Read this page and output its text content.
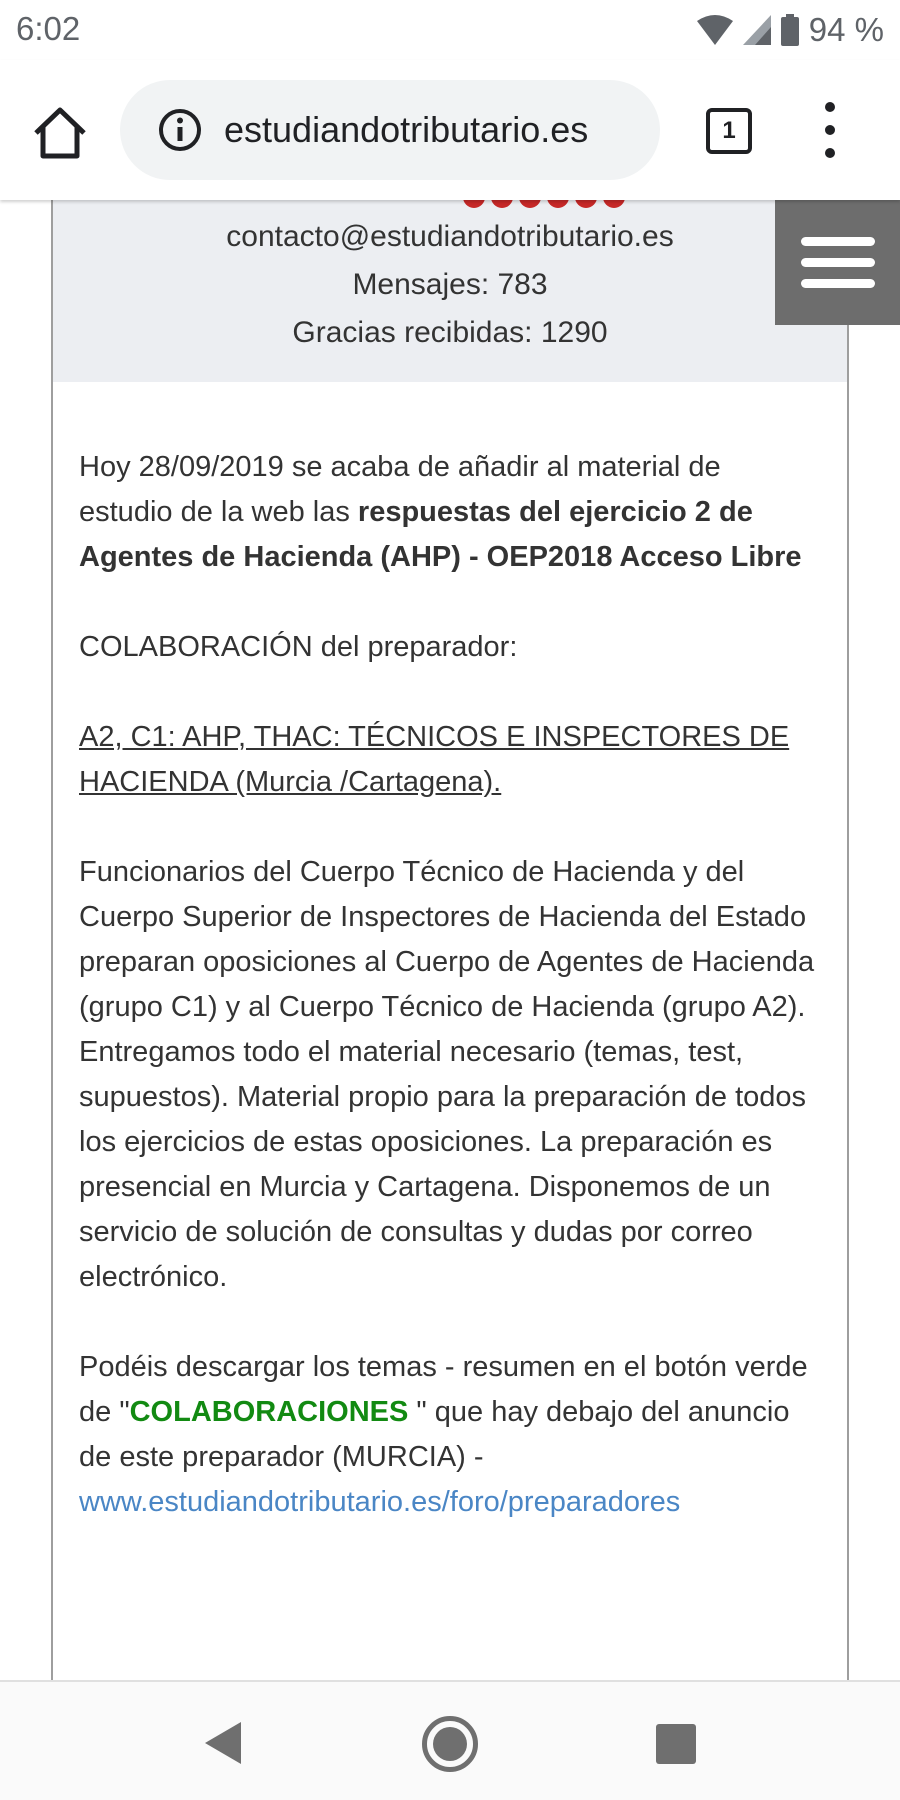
6:02	94 %
estudiandotributario.es	1
contacto@estudiandotributario.es
Mensajes: 783
Gracias recibidas: 1290

Hoy 28/09/2019 se acaba de añadir al material de estudio de la web las respuestas del ejercicio 2 de Agentes de Hacienda (AHP) - OEP2018 Acceso Libre

COLABORACIÓN del preparador:

A2, C1: AHP, THAC: TÉCNICOS E INSPECTORES DE HACIENDA (Murcia /Cartagena).

Funcionarios del Cuerpo Técnico de Hacienda y del Cuerpo Superior de Inspectores de Hacienda del Estado preparan oposiciones al Cuerpo de Agentes de Hacienda (grupo C1) y al Cuerpo Técnico de Hacienda (grupo A2). Entregamos todo el material necesario (temas, test, supuestos). Material propio para la preparación de todos los ejercicios de estas oposiciones. La preparación es presencial en Murcia y Cartagena. Disponemos de un servicio de solución de consultas y dudas por correo electrónico.

Podéis descargar los temas - resumen en el botón verde de "COLABORACIONES " que hay debajo del anuncio de este preparador (MURCIA) - www.estudiandotributario.es/foro/preparadores
